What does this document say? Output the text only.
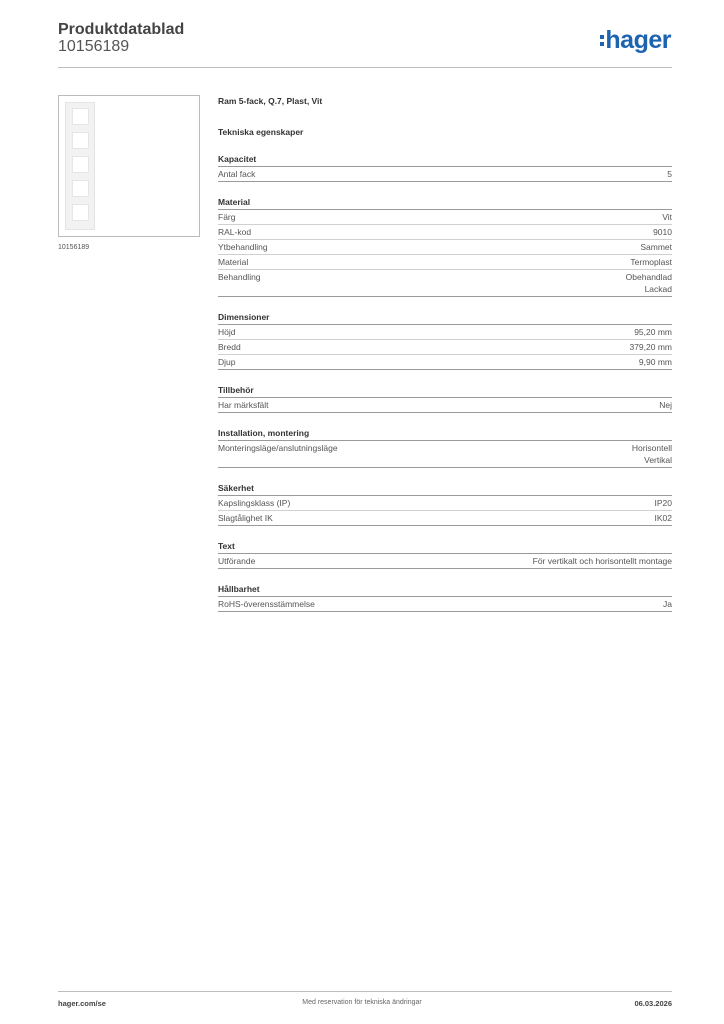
Produktdatablad
10156189	hager
10156189
Ram 5-fack, Q.7, Plast, Vit
Tekniska egenskaper
Kapacitet
Antal fack	5
Material
Färg	Vit
RAL-kod	9010
Ytbehandling	Sammet
Material	Termoplast
Behandling	Obehandlad
Lackad
Dimensioner
Höjd	95,20 mm
Bredd	379,20 mm
Djup	9,90 mm
Tillbehör
Har märksfält	Nej
Installation, montering
Monteringsläge/anslutningsläge	Horisontell
Vertikal
Säkerhet
Kapslingsklass (IP)	IP20
Slagtålighet IK	IK02
Text
Utförande	För vertikalt och horisontellt montage
Hållbarhet
RoHS-överensstämmelse	Ja
hager.com/se	Med reservation för tekniska ändringar	06.03.2026
